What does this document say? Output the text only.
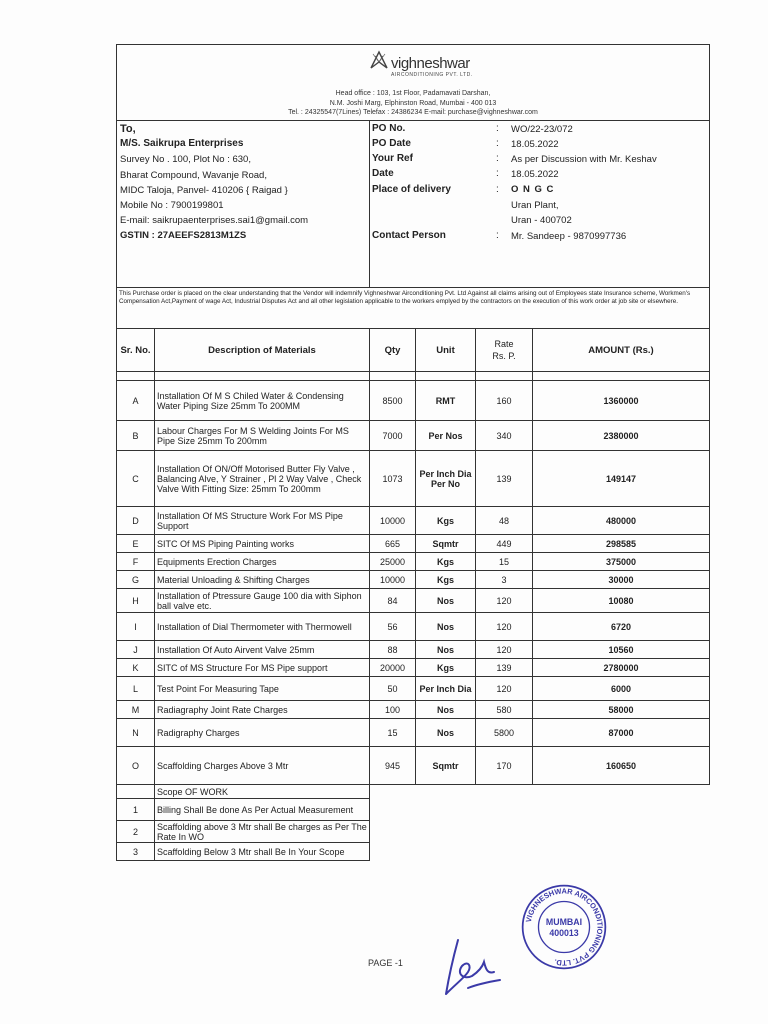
vighneshwar
AIRCONDITIONING PVT. LTD.
Head office : 103, 1st Floor, Padamavati Darshan,
N.M. Joshi Marg, Elphinston Road, Mumbai - 400 013
Tel. : 24325547(7Lines) Telefax : 24386234 E-mail: purchase@vighneshwar.com
To,
M/S. Saikrupa Enterprises
Survey No . 100, Plot No : 630,
Bharat Compound, Wavanje Road,
MIDC Taloja, Panvel- 410206 { Raigad }
Mobile No : 7900199801
E-mail: saikrupaenterprises.sai1@gmail.com
GSTIN : 27AEEFS2813M1ZS
PO No.	: WO/22-23/072
PO Date	: 18.05.2022
Your Ref	: As per Discussion with Mr. Keshav
Date	: 18.05.2022
Place of delivery	: O N G C
Uran Plant,
Uran - 400702
Contact Person	: Mr. Sandeep - 9870997736
This Purchase order is placed on the clear understanding that the Vendor will indemnify Vighneshwar Airconditioning Pvt. Ltd Against all claims arising out of Employees state Insurance scheme, Workmen's Compensation Act,Payment of wage Act, Industrial Disputes Act and all other legislation applicable to the workers emplyed by the contractors on the execution of this work order at job site or elsewhere.
Sr. No.	Description of Materials	Qty	Unit	Rate
Rs. P.	AMOUNT (Rs.)

A	Installation Of M S Chiled Water & Condensing Water Piping Size 25mm To 200MM	8500	RMT	160	1360000
B	Labour Charges For M S Welding Joints For MS Pipe Size 25mm To 200mm	7000	Per Nos	340	2380000
C	Installation Of ON/Off Motorised Butter Fly Valve , Balancing Alve, Y Strainer , Pl 2 Way Valve , Check Valve With Fitting Size: 25mm To 200mm	1073	Per Inch Dia Per No	139	149147
D	Installation Of MS Structure Work For MS Pipe Support	10000	Kgs	48	480000
E	SITC Of MS Piping Painting works	665	Sqmtr	449	298585
F	Equipments Erection Charges	25000	Kgs	15	375000
G	Material Unloading & Shifting Charges	10000	Kgs	3	30000
H	Installation of Ptressure Gauge 100 dia with Siphon ball valve etc.	84	Nos	120	10080
I	Installation of Dial Thermometer with Thermowell	56	Nos	120	6720
J	Installation Of Auto Airvent Valve 25mm	88	Nos	120	10560
K	SITC of MS Structure For MS Pipe support	20000	Kgs	139	2780000
L	Test Point For Measuring Tape	50	Per Inch Dia	120	6000
M	Radiagraphy Joint Rate Charges	100	Nos	580	58000
N	Radigraphy Charges	15	Nos	5800	87000
O	Scaffolding Charges Above 3 Mtr	945	Sqmtr	170	160650
	Scope OF WORK				
1	Billing Shall Be done As Per Actual Measurement				
2	Scaffolding above 3 Mtr shall Be charges as Per The Rate In WO				
3	Scaffolding Below 3 Mtr shall Be In Your Scope				
VIGHNESHWAR AIRCONDITIONING PVT. LTD.
MUMBAI
400013
PAGE -1
